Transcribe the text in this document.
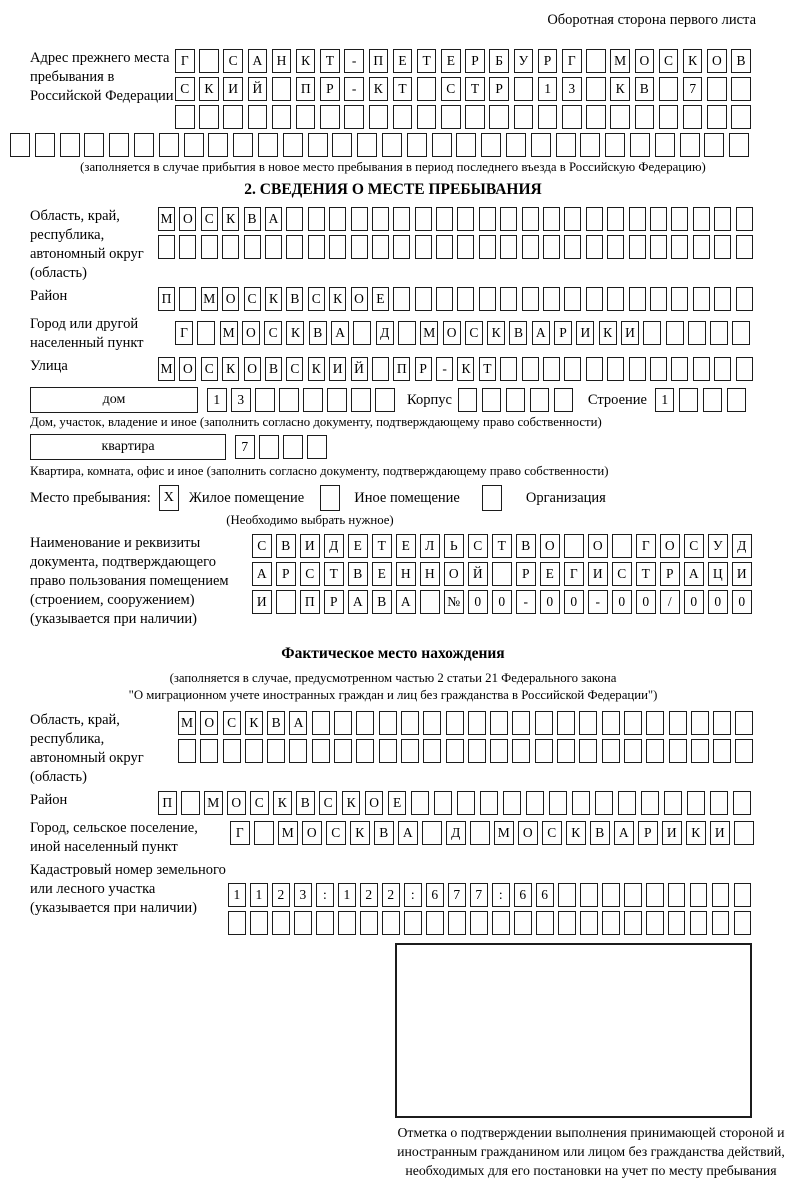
Оборотная сторона первого листа
Адрес прежнего места пребывания в Российской Федерации
Г	С	А	Н	К	Т	-	П	Е	Т	Е	Р	Б	У	Р	Г	М О	С	К	О	В
С	К	И	Й	П	Р	-	К	Т	С	Т	Р	1	3	К	В	7
(заполняется в случае прибытия в новое место пребывания в период последнего въезда в Российскую Федерацию)
2. СВЕДЕНИЯ О МЕСТЕ ПРЕБЫВАНИЯ
Область, край, республика, автономный округ (область)
М О С К В А
Район	П М О С К В С К О Е
Город или другой населенный пункт
Г	М О С К В А	Д	М О С К В А	Р	И К И
Улица	М О С К О В С К И Й П Р	-	К Т
дом	1	3	Корпус	Строение	1
Дом, участок, владение и иное (заполнить согласно документу, подтверждающему право собственности)
квартира	7
Квартира, комната, офис и иное (заполнить согласно документу, подтверждающему право собственности)
Место пребывания: X	Жилое помещение	Иное помещение	Организация
(Необходимо выбрать нужное)
Наименование и реквизиты документа, подтверждающего право пользования помещением (строением, сооружением) (указывается при наличии)
С	В	И	Д	Е	Т	Е	Л	Ь	С	Т	В	О	О	Г	О	С	У	Д
А	Р	С	Т	В	Е	Н	Н	О	Й	Р	Е	Г	И	С	Т	Р	А	Ц	И
И	П	Р	А	В	А	№	0	0	-	0	0	-	0	0	/	0	0	0
Фактическое место нахождения
(заполняется в случае, предусмотренном частью 2 статьи 21 Федерального закона
"О миграционном учете иностранных граждан и лиц без гражданства в Российской Федерации")
Область, край, республика, автономный округ (область)
М О С К В А
Район	П	М О	С	К	В	С	К	О	Е
Город, сельское поселение, иной населенный пункт
Г	М О	С	К	В	А	Д	М О	С	К	В	А	Р	И	К	И
Кадастровый номер земельного или лесного участка (указывается при наличии)
1	1	2	3	:	1	2	2	:	6	7	7	:	6	6
Отметка о подтверждении выполнения принимающей стороной и иностранным гражданином или лицом без гражданства действий, необходимых для его постановки на учет по месту пребывания
